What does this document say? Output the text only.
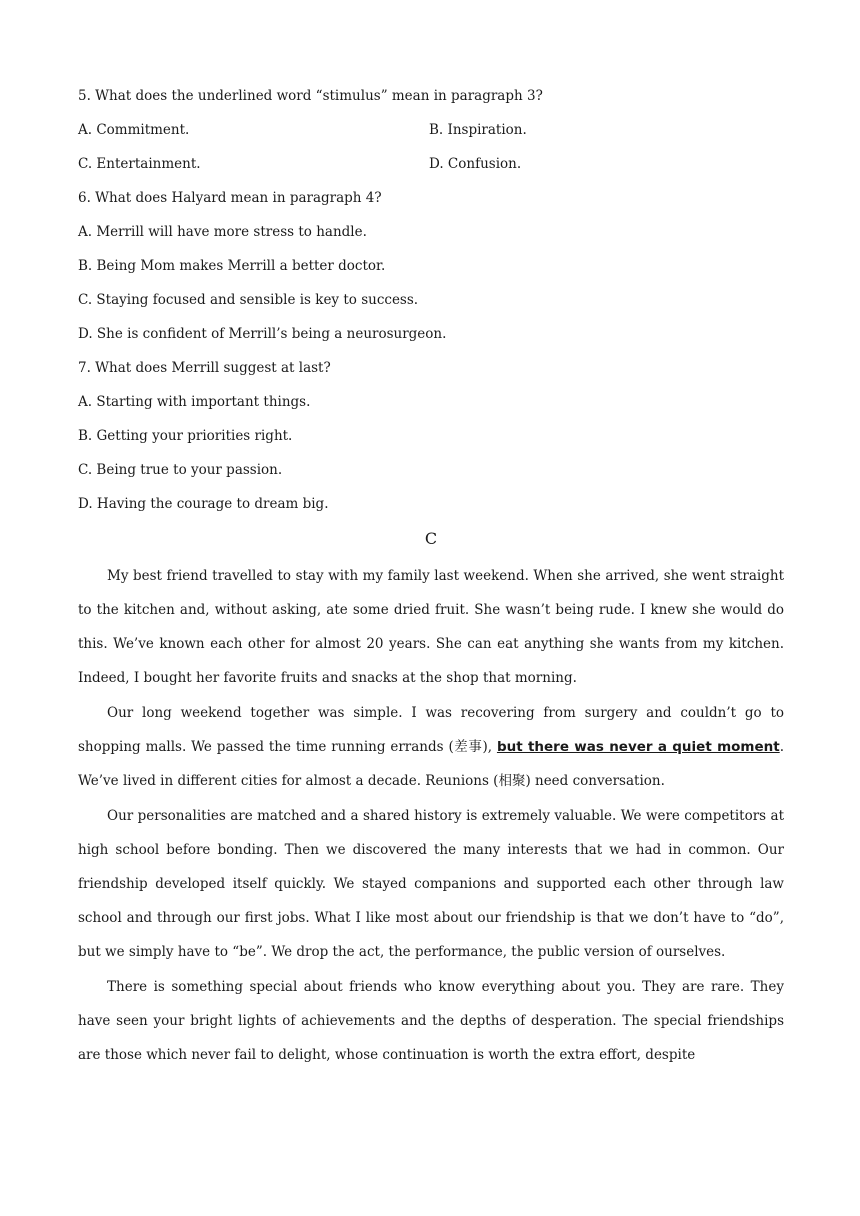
5. What does the underlined word “stimulus” mean in paragraph 3?
A. Commitment.	B. Inspiration.
C. Entertainment.	D. Confusion.
6. What does Halyard mean in paragraph 4?
A. Merrill will have more stress to handle.
B. Being Mom makes Merrill a better doctor.
C. Staying focused and sensible is key to success.
D. She is confident of Merrill’s being a neurosurgeon.
7. What does Merrill suggest at last?
A. Starting with important things.
B. Getting your priorities right.
C. Being true to your passion.
D. Having the courage to dream big.
C

My best friend travelled to stay with my family last weekend. When she arrived, she went straight to the kitchen and, without asking, ate some dried fruit. She wasn’t being rude. I knew she would do this. We’ve known each other for almost 20 years. She can eat anything she wants from my kitchen. Indeed, I bought her favorite fruits and snacks at the shop that morning.

Our long weekend together was simple. I was recovering from surgery and couldn’t go to shopping malls. We passed the time running errands (差事), but there was never a quiet moment. We’ve lived in different cities for almost a decade. Reunions (相聚) need conversation.

Our personalities are matched and a shared history is extremely valuable. We were competitors at high school before bonding. Then we discovered the many interests that we had in common. Our friendship developed itself quickly. We stayed companions and supported each other through law school and through our first jobs. What I like most about our friendship is that we don’t have to “do”, but we simply have to “be”. We drop the act, the performance, the public version of ourselves.

There is something special about friends who know everything about you. They are rare. They have seen your bright lights of achievements and the depths of desperation. The special friendships are those which never fail to delight, whose continuation is worth the extra effort, despite
